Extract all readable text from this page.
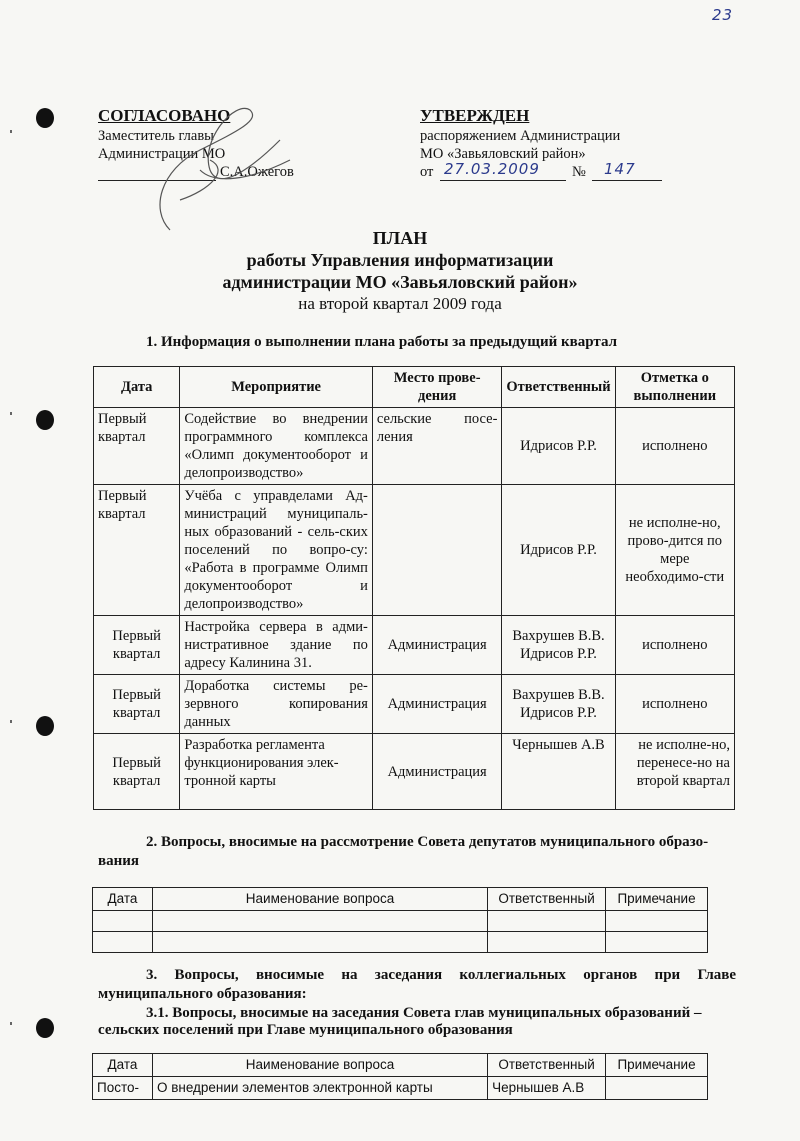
23
СОГЛАСОВАНО
Заместитель главы
Администрации МО
С.А.Ожегов
УТВЕРЖДЕН
распоряжением Администрации
МО «Завьяловский район»
от 27.03.2009 № 147
ПЛАН
работы Управления информатизации
администрации МО «Завьяловский район»
на второй квартал 2009 года
1. Информация о выполнении плана работы за предыдущий квартал
Дата	Мероприятие	Место прове-дения	Ответственный	Отметка о выполнении
Первый квартал	Содействие во внедрении программного комплекса «Олимп документооборот и делопроизводство»	сельские посе-ления	Идрисов Р.Р.	исполнено
Первый квартал	Учёба с управделами Ад-министраций муниципаль-ных образований - сель-ских поселений по вопро-су: «Работа в программе Олимп документооборот и делопроизводство»		Идрисов Р.Р.	не исполне-но, прово-дится по мере необходимо-сти
Первый квартал	Настройка сервера в адми-нистративное здание по адресу Калинина 31.	Администрация	Вахрушев В.В. Идрисов Р.Р.	исполнено
Первый квартал	Доработка системы ре-зервного копирования данных	Администрация	Вахрушев В.В. Идрисов Р.Р.	исполнено
Первый квартал	Разработка регламента функционирования элек-тронной карты	Администрация	Чернышев А.В	не исполне-но, перенесе-но на второй квартал
2. Вопросы, вносимые на рассмотрение Совета депутатов муниципального образо-
вания
Дата	Наименование вопроса	Ответственный	Примечание

3. Вопросы, вносимые на заседания коллегиальных органов при Главе
муниципального образования:
3.1. Вопросы, вносимые на заседания Совета глав муниципальных образований –
сельских поселений при Главе муниципального образования
Дата	Наименование вопроса	Ответственный	Примечание
Посто-	О внедрении элементов электронной карты	Чернышев А.В	
